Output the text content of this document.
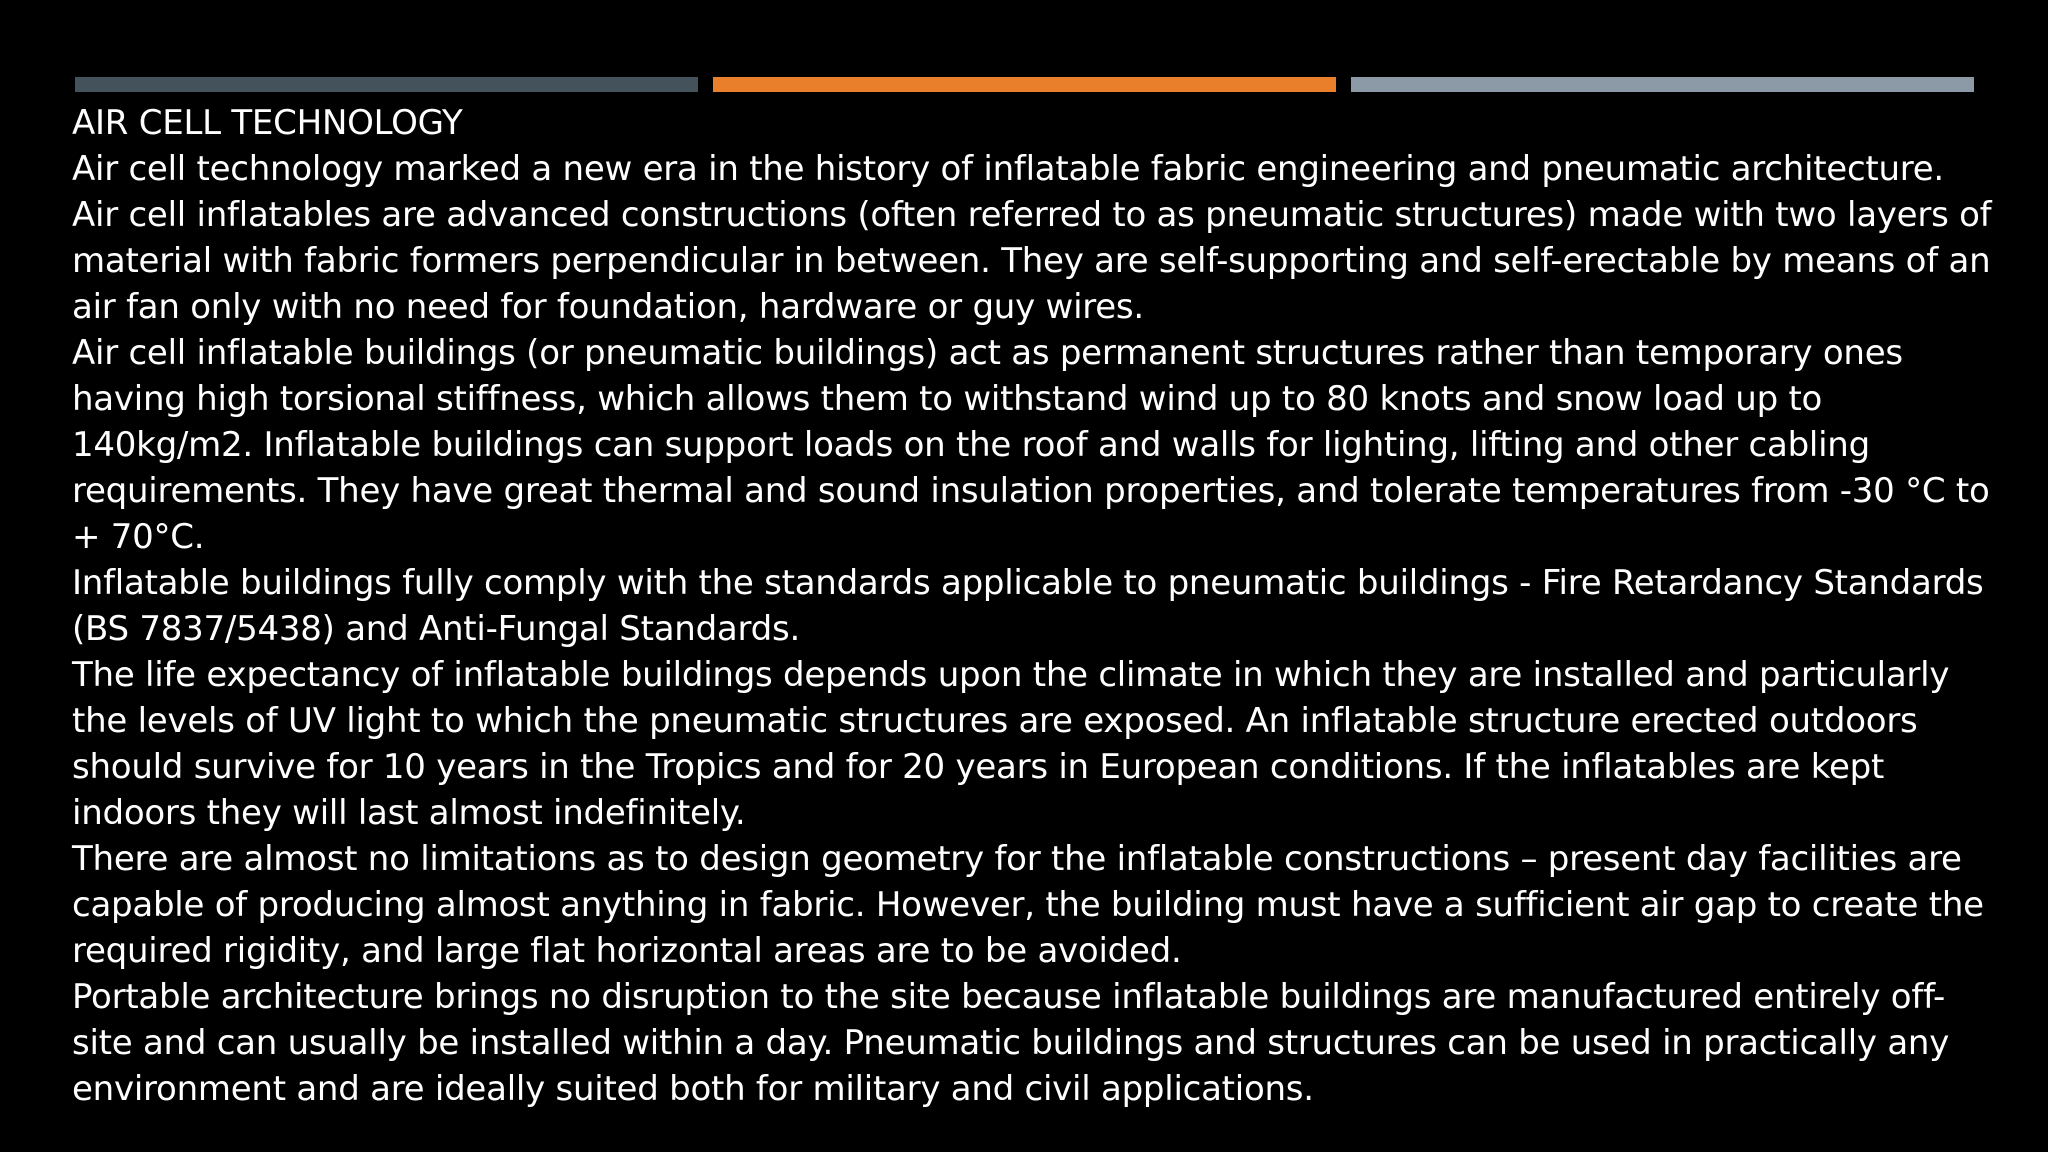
AIR CELL TECHNOLOGY

Air cell technology marked a new era in the history of inflatable fabric engineering and pneumatic architecture.

Air cell inflatables are advanced constructions (often referred to as pneumatic structures) made with two layers of material with fabric formers perpendicular in between. They are self-supporting and self-erectable by means of an air fan only with no need for foundation, hardware or guy wires.

Air cell inflatable buildings (or pneumatic buildings) act as permanent structures rather than temporary ones having high torsional stiffness, which allows them to withstand wind up to 80 knots and snow load up to 140kg/m2. Inflatable buildings can support loads on the roof and walls for lighting, lifting and other cabling requirements. They have great thermal and sound insulation properties, and tolerate temperatures from -30 °C to + 70°C.

Inflatable buildings fully comply with the standards applicable to pneumatic buildings - Fire Retardancy Standards (BS 7837/5438) and Anti-Fungal Standards.

The life expectancy of inflatable buildings depends upon the climate in which they are installed and particularly the levels of UV light to which the pneumatic structures are exposed. An inflatable structure erected outdoors should survive for 10 years in the Tropics and for 20 years in European conditions. If the inflatables are kept indoors they will last almost indefinitely.

There are almost no limitations as to design geometry for the inflatable constructions – present day facilities are capable of producing almost anything in fabric. However, the building must have a sufficient air gap to create the required rigidity, and large flat horizontal areas are to be avoided.

Portable architecture brings no disruption to the site because inflatable buildings are manufactured entirely off-site and can usually be installed within a day. Pneumatic buildings and structures can be used in practically any environment and are ideally suited both for military and civil applications.
